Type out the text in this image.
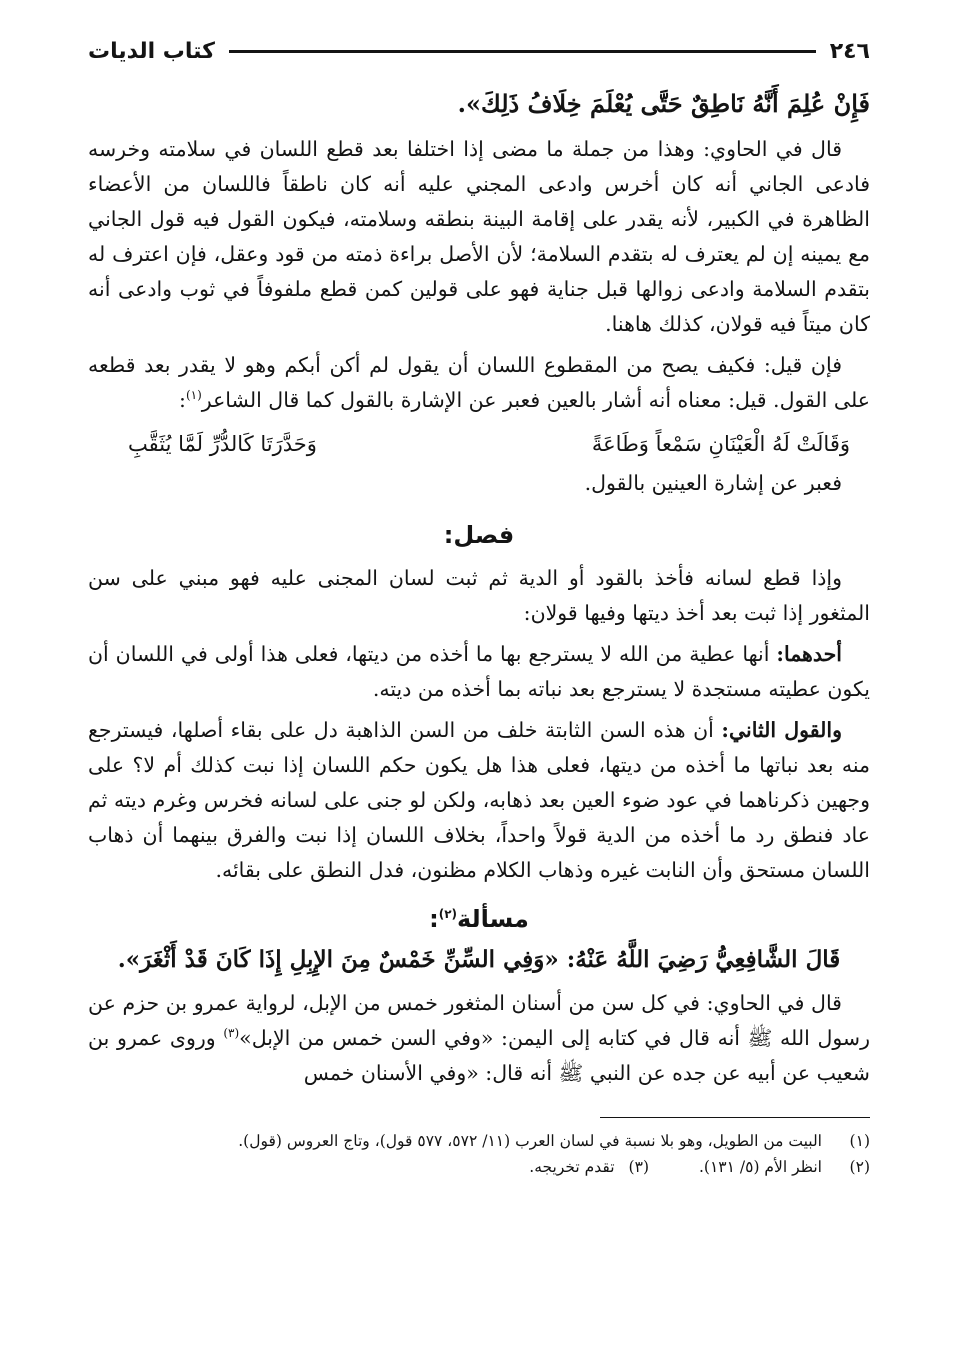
٢٤٦
كتاب الديات
فَإِنْ عُلِمَ أَنَّهُ نَاطِقٌ حَتَّى يُعْلَمَ خِلَافُ ذَلِكَ».

قال في الحاوي: وهذا من جملة ما مضى إذا اختلفا بعد قطع اللسان في سلامته وخرسه فادعى الجاني أنه كان أخرس وادعى المجني عليه أنه كان ناطقاً فاللسان من الأعضاء الظاهرة في الكبير، لأنه يقدر على إقامة البينة بنطقه وسلامته، فيكون القول فيه قول الجاني مع يمينه إن لم يعترف له بتقدم السلامة؛ لأن الأصل براءة ذمته من قود وعقل، فإن اعترف له بتقدم السلامة وادعى زوالها قبل جناية فهو على قولين كمن قطع ملفوفاً في ثوب وادعى أنه كان ميتاً فيه قولان، كذلك هاهنا.

فإن قيل: فكيف يصح من المقطوع اللسان أن يقول لم أكن أبكم وهو لا يقدر بعد قطعه على القول. قيل: معناه أنه أشار بالعين فعبر عن الإشارة بالقول كما قال الشاعر$^{(١)}$:

وَقَالَتْ لَهُ الْعَيْنَانِ سَمْعاً وَطَاعَةً
وَحَدَّرَتَا كَالدُّرِّ لَمَّا يُثَقَّبِ

فعبر عن إشارة العينين بالقول.

فصل:

وإذا قطع لسانه فأخذ بالقود أو الدية ثم ثبت لسان المجنى عليه فهو مبني على سن المثغور إذا ثبت بعد أخذ ديتها وفيها قولان:

أحدهما: أنها عطية من الله لا يسترجع بها ما أخذه من ديتها، فعلى هذا أولى في اللسان أن يكون عطيته مستجدة لا يسترجع بعد نباته بما أخذه من ديته.

والقول الثاني: أن هذه السن الثابتة خلف من السن الذاهبة دل على بقاء أصلها، فيسترجع منه بعد نباتها ما أخذه من ديتها، فعلى هذا هل يكون حكم اللسان إذا نبت كذلك أم لا؟ على وجهين ذكرناهما في عود ضوء العين بعد ذهابه، ولكن لو جنى على لسانه فخرس وغرم ديته ثم عاد فنطق رد ما أخذه من الدية قولاً واحداً، بخلاف اللسان إذا نبت والفرق بينهما أن ذهاب اللسان مستحق وأن النابت غيره وذهاب الكلام مظنون، فدل النطق على بقائه.

مسألة$^{(٢)}$:
قَالَ الشَّافِعِيُّ رَضِيَ اللَّهُ عَنْهُ: «وَفِي السِّنِّ خَمْسٌ مِنَ الإِبِلِ إِذَا كَانَ قَدْ أَثْغَرَ».

قال في الحاوي: في كل سن من أسنان المثغور خمس من الإبل، لرواية عمرو بن حزم عن رسول الله ﷺ أنه قال في كتابه إلى اليمن: «وفي السن خمس من الإبل»$^{(٣)}$ وروى عمرو بن شعيب عن أبيه عن جده عن النبي ﷺ أنه قال: «وفي الأسنان خمس

(١)
البيت من الطويل، وهو بلا نسبة في لسان العرب (١١/ ٥٧٢، ٥٧٧ قول)، وتاج العروس (قول).
(٢)
انظر الأم (٥/ ١٣١).
(٣)
تقدم تخريجه.
